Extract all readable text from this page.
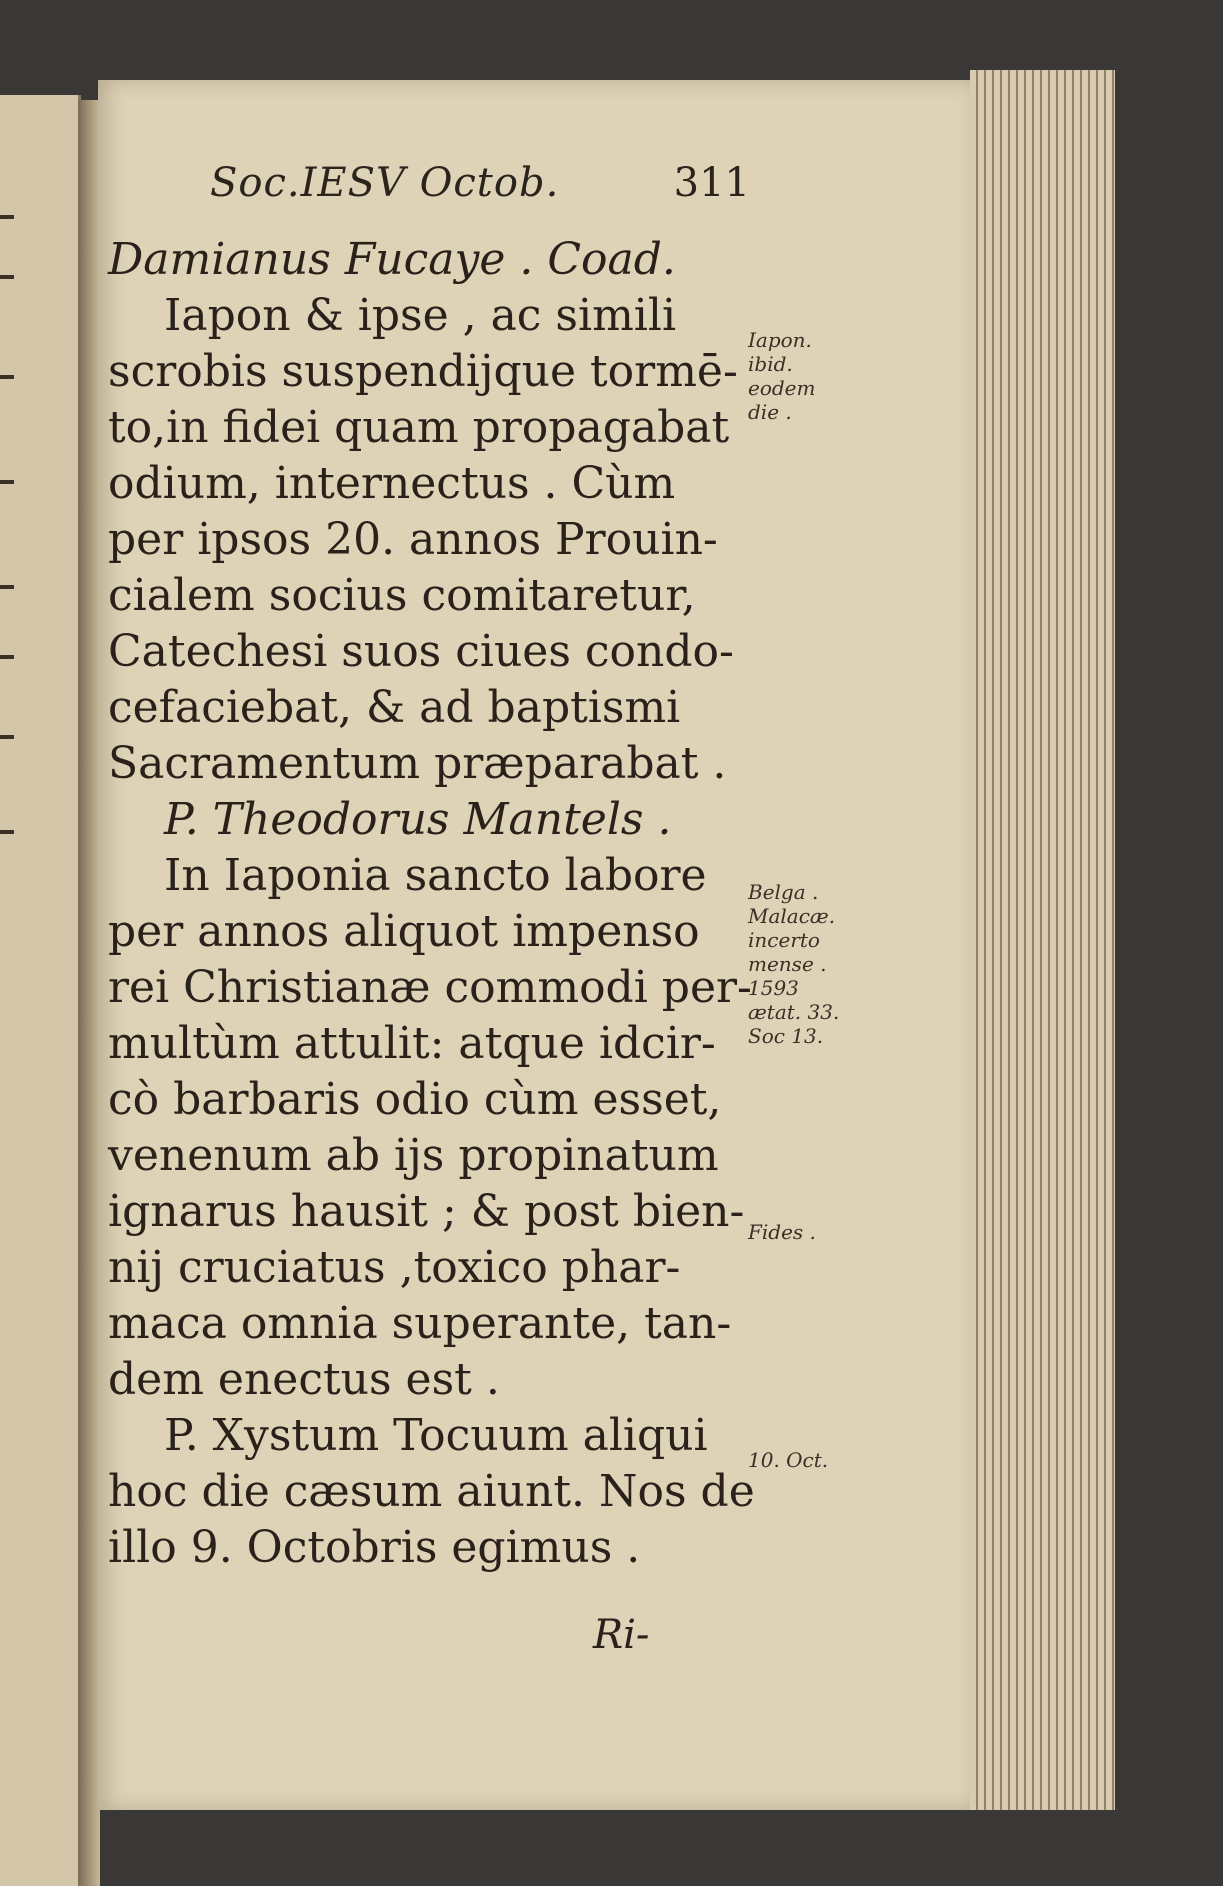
Soc.IESV Octob.	311
Damianus Fucaye . Coad.
Iapon & ipse , ac simili
scrobis suspendijque tormē-
to,in fidei quam propagabat
odium, internectus . Cùm
per ipsos 20. annos Prouin-
cialem socius comitaretur,
Catechesi suos ciues condo-
cefaciebat, & ad baptismi
Sacramentum præparabat .
P. Theodorus Mantels .
In Iaponia sancto labore
per annos aliquot impenso
rei Christianæ commodi per-
multùm attulit: atque idcir-
cò barbaris odio cùm esset,
venenum ab ijs propinatum
ignarus hausit ; & post bien-
nij cruciatus ,toxico phar-
maca omnia superante, tan-
dem enectus est .
P. Xystum Tocuum aliqui
hoc die cæsum aiunt. Nos de
illo 9. Octobris egimus .
Iapon.
ibid.
eodem
die .
Belga .
Malacæ.
incerto
mense .
1593
ætat. 33.
Soc 13.
Fides .
10. Oct.
Ri-
